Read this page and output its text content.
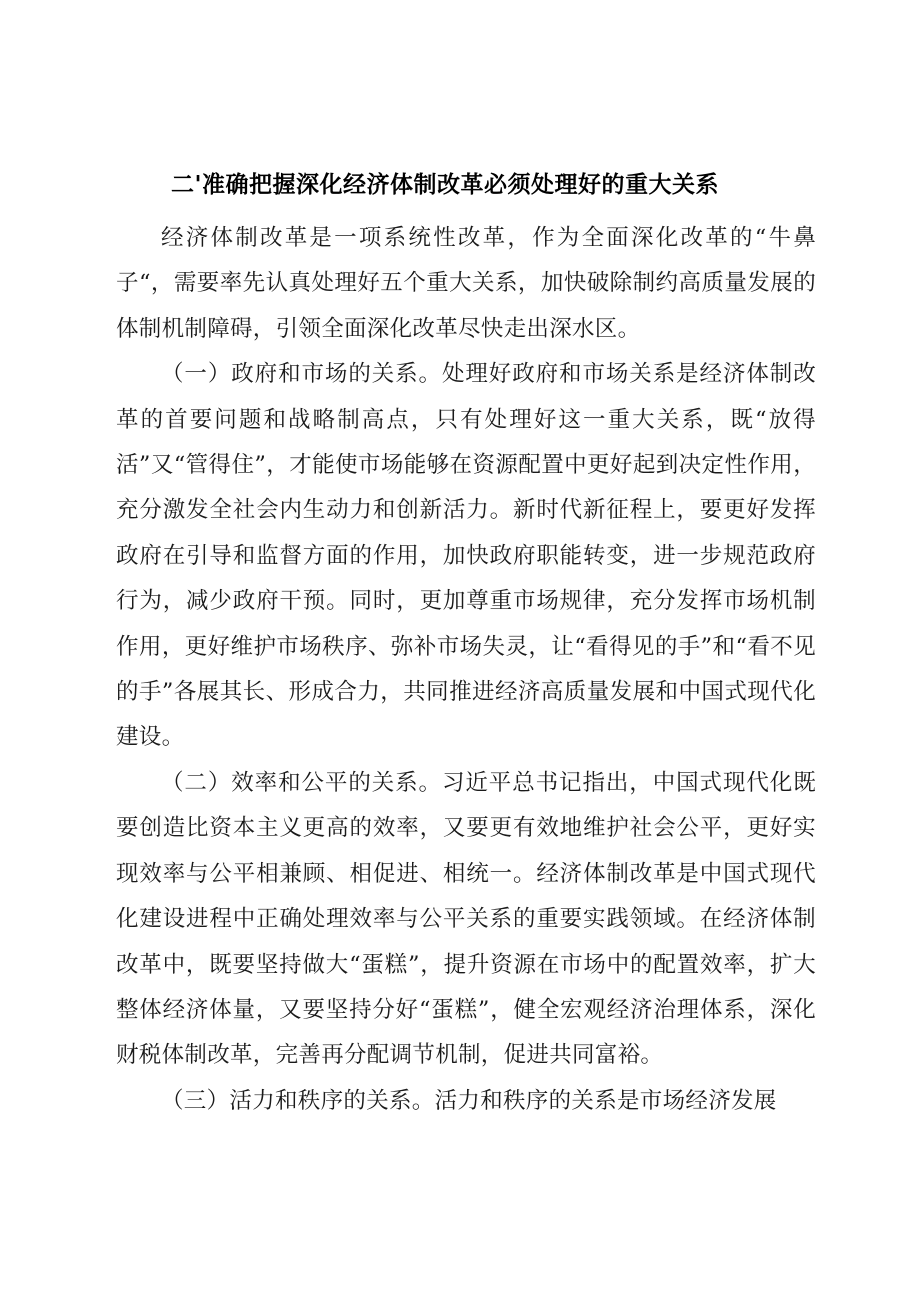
二'准确把握深化经济体制改革必须处理好的重大关系

经济体制改革是一项系统性改革，作为全面深化改革的“牛鼻子“，需要率先认真处理好五个重大关系，加快破除制约高质量发展的体制机制障碍，引领全面深化改革尽快走出深水区。

（一）政府和市场的关系。处理好政府和市场关系是经济体制改革的首要问题和战略制高点，只有处理好这一重大关系，既“放得活”又“管得住”，才能使市场能够在资源配置中更好起到决定性作用，充分激发全社会内生动力和创新活力。新时代新征程上，要更好发挥政府在引导和监督方面的作用，加快政府职能转变，进一步规范政府行为，减少政府干预。同时，更加尊重市场规律，充分发挥市场机制作用，更好维护市场秩序、弥补市场失灵，让“看得见的手”和“看不见的手”各展其长、形成合力，共同推进经济高质量发展和中国式现代化建设。

（二）效率和公平的关系。习近平总书记指出，中国式现代化既要创造比资本主义更高的效率，又要更有效地维护社会公平，更好实现效率与公平相兼顾、相促进、相统一。经济体制改革是中国式现代化建设进程中正确处理效率与公平关系的重要实践领域。在经济体制改革中，既要坚持做大“蛋糕”，提升资源在市场中的配置效率，扩大整体经济体量，又要坚持分好“蛋糕”，健全宏观经济治理体系，深化财税体制改革，完善再分配调节机制，促进共同富裕。

（三）活力和秩序的关系。活力和秩序的关系是市场经济发展
